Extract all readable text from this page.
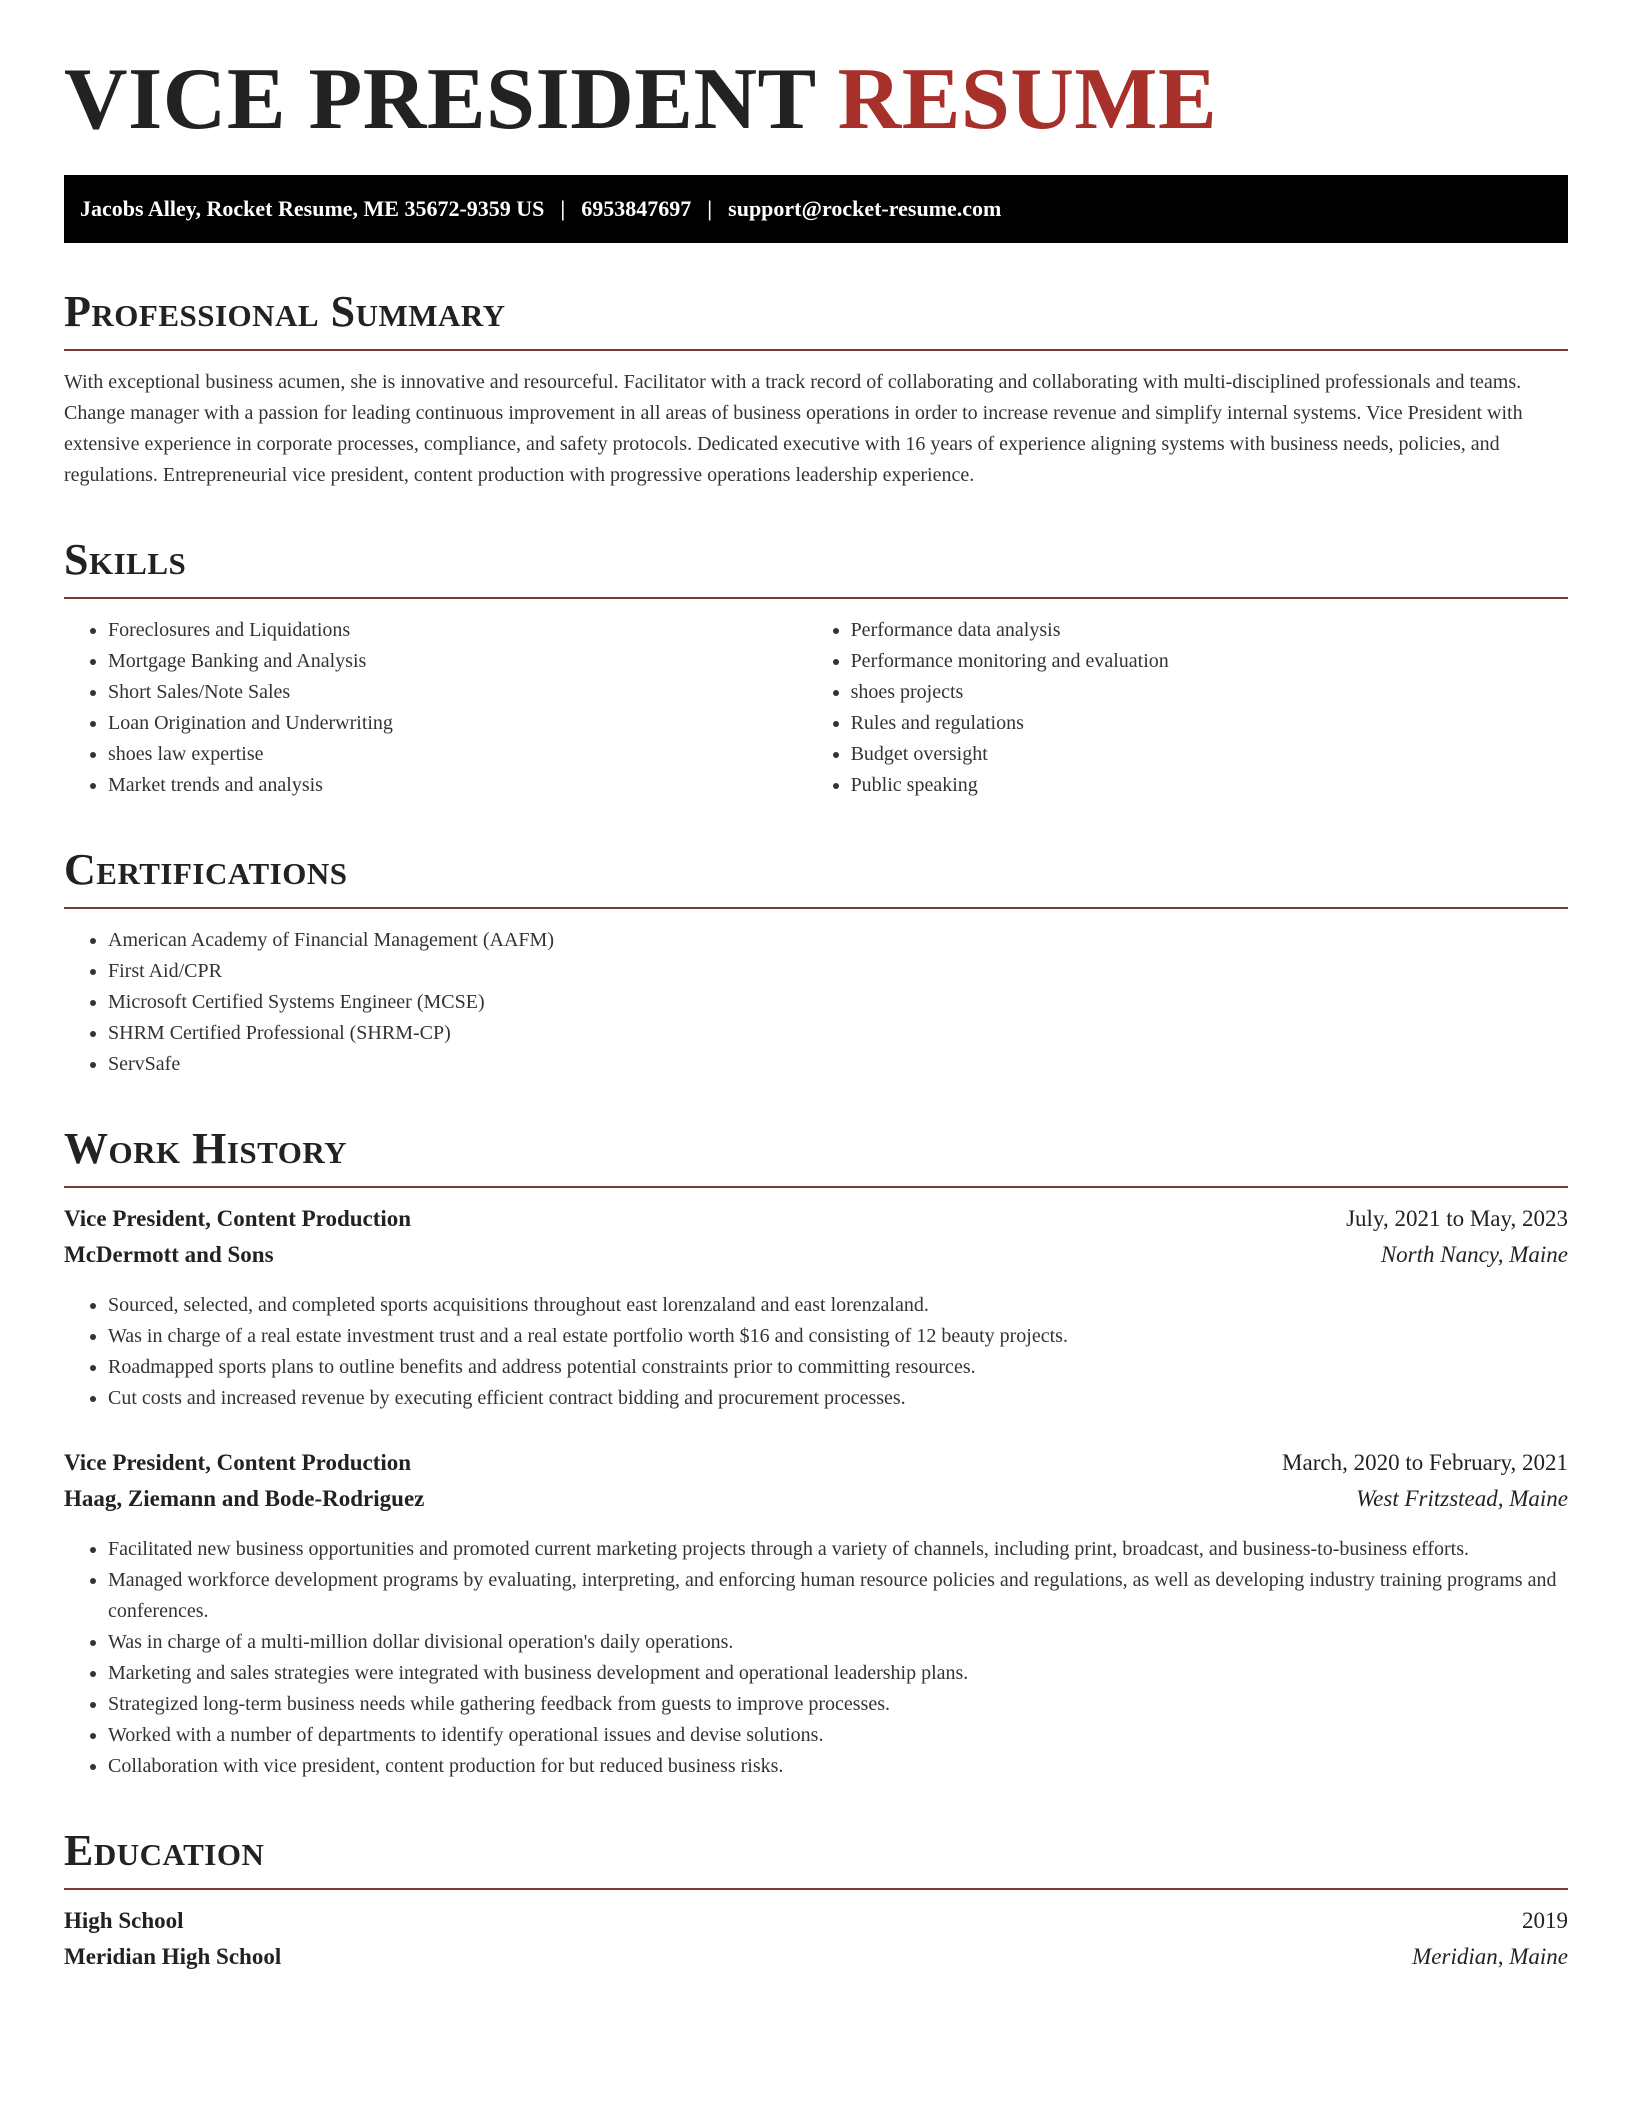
VICE PRESIDENT RESUME
Jacobs Alley, Rocket Resume, ME 35672-9359 US | 6953847697 | support@rocket-resume.com
Professional Summary

With exceptional business acumen, she is innovative and resourceful. Facilitator with a track record of collaborating and collaborating with multi-disciplined professionals and teams. Change manager with a passion for leading continuous improvement in all areas of business operations in order to increase revenue and simplify internal systems. Vice President with extensive experience in corporate processes, compliance, and safety protocols. Dedicated executive with 16 years of experience aligning systems with business needs, policies, and regulations. Entrepreneurial vice president, content production with progressive operations leadership experience.

Skills
• Foreclosures and Liquidations
• Mortgage Banking and Analysis
• Short Sales/Note Sales
• Loan Origination and Underwriting
• shoes law expertise
• Market trends and analysis
• Performance data analysis
• Performance monitoring and evaluation
• shoes projects
• Rules and regulations
• Budget oversight
• Public speaking
Certifications
• American Academy of Financial Management (AAFM)
• First Aid/CPR
• Microsoft Certified Systems Engineer (MCSE)
• SHRM Certified Professional (SHRM-CP)
• ServSafe
Work History
Vice President, Content Production	July, 2021 to May, 2023
McDermott and Sons	North Nancy, Maine
• Sourced, selected, and completed sports acquisitions throughout east lorenzaland and east lorenzaland.
• Was in charge of a real estate investment trust and a real estate portfolio worth $16 and consisting of 12 beauty projects.
• Roadmapped sports plans to outline benefits and address potential constraints prior to committing resources.
• Cut costs and increased revenue by executing efficient contract bidding and procurement processes.
Vice President, Content Production	March, 2020 to February, 2021
Haag, Ziemann and Bode-Rodriguez	West Fritzstead, Maine
• Facilitated new business opportunities and promoted current marketing projects through a variety of channels, including print, broadcast, and business-to-business efforts.
• Managed workforce development programs by evaluating, interpreting, and enforcing human resource policies and regulations, as well as developing industry training programs and conferences.
• Was in charge of a multi-million dollar divisional operation's daily operations.
• Marketing and sales strategies were integrated with business development and operational leadership plans.
• Strategized long-term business needs while gathering feedback from guests to improve processes.
• Worked with a number of departments to identify operational issues and devise solutions.
• Collaboration with vice president, content production for but reduced business risks.
Education
High School	2019
Meridian High School	Meridian, Maine
